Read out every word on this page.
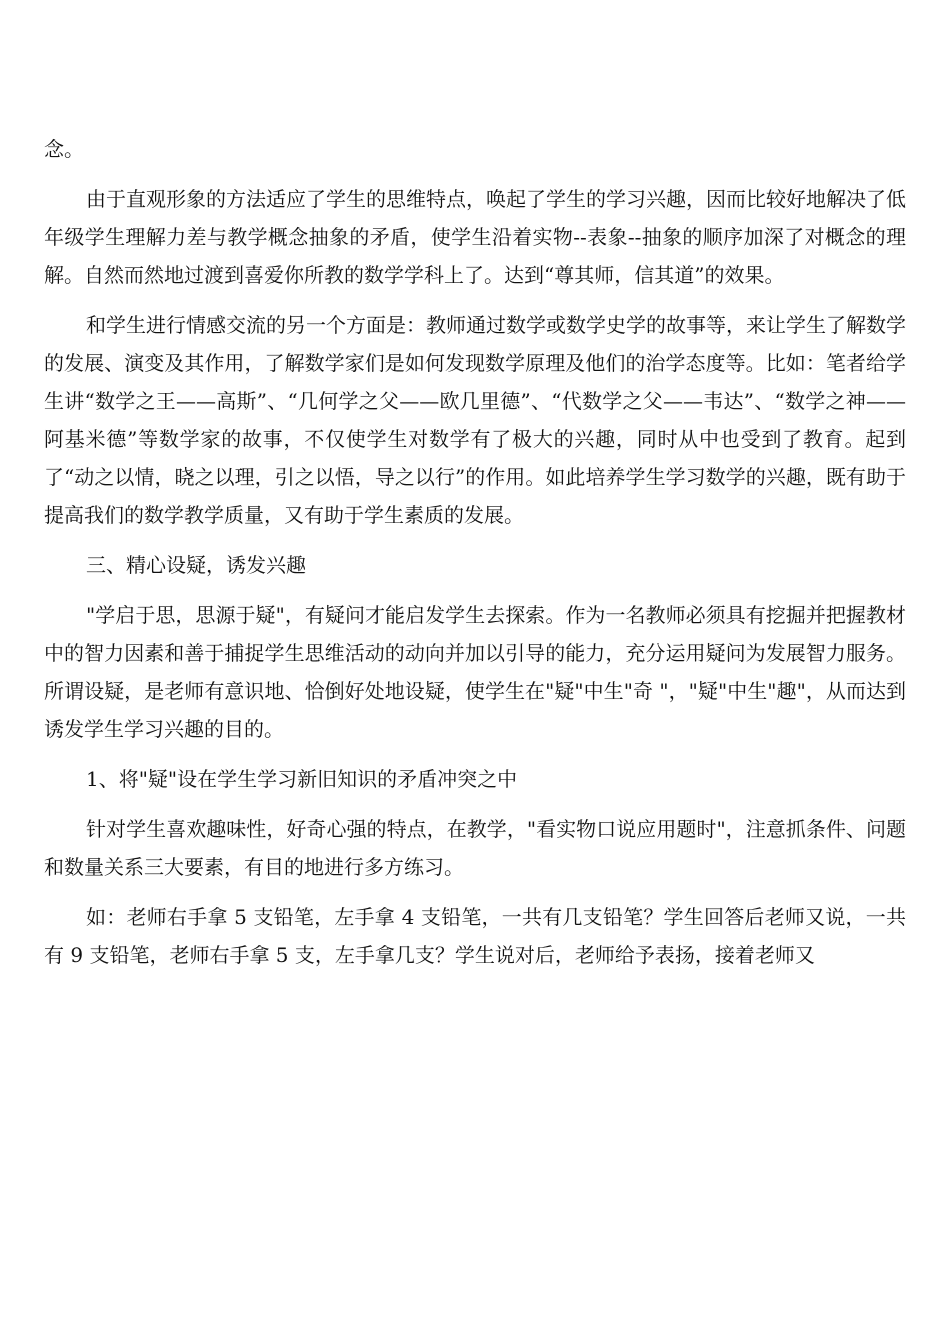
念。

由于直观形象的方法适应了学生的思维特点，唤起了学生的学习兴趣，因而比较好地解决了低年级学生理解力差与教学概念抽象的矛盾，使学生沿着实物--表象--抽象的顺序加深了对概念的理解。自然而然地过渡到喜爱你所教的数学学科上了。达到“尊其师，信其道”的效果。

和学生进行情感交流的另一个方面是：教师通过数学或数学史学的故事等，来让学生了解数学的发展、演变及其作用，了解数学家们是如何发现数学原理及他们的治学态度等。比如：笔者给学生讲“数学之王——高斯”、“几何学之父——欧几里德”、“代数学之父——韦达”、“数学之神——阿基米德”等数学家的故事，不仅使学生对数学有了极大的兴趣，同时从中也受到了教育。起到了“动之以情，晓之以理，引之以悟，导之以行”的作用。如此培养学生学习数学的兴趣，既有助于提高我们的数学教学质量，又有助于学生素质的发展。

三、精心设疑，诱发兴趣

"学启于思，思源于疑"，有疑问才能启发学生去探索。作为一名教师必须具有挖掘并把握教材中的智力因素和善于捕捉学生思维活动的动向并加以引导的能力，充分运用疑问为发展智力服务。所谓设疑，是老师有意识地、恰倒好处地设疑，使学生在"疑"中生"奇 "，"疑"中生"趣"，从而达到诱发学生学习兴趣的目的。

1、将"疑"设在学生学习新旧知识的矛盾冲突之中

针对学生喜欢趣味性，好奇心强的特点，在教学，"看实物口说应用题时"，注意抓条件、问题和数量关系三大要素，有目的地进行多方练习。

如：老师右手拿 5 支铅笔，左手拿 4 支铅笔，一共有几支铅笔？学生回答后老师又说，一共有 9 支铅笔，老师右手拿 5 支，左手拿几支？学生说对后，老师给予表扬，接着老师又
